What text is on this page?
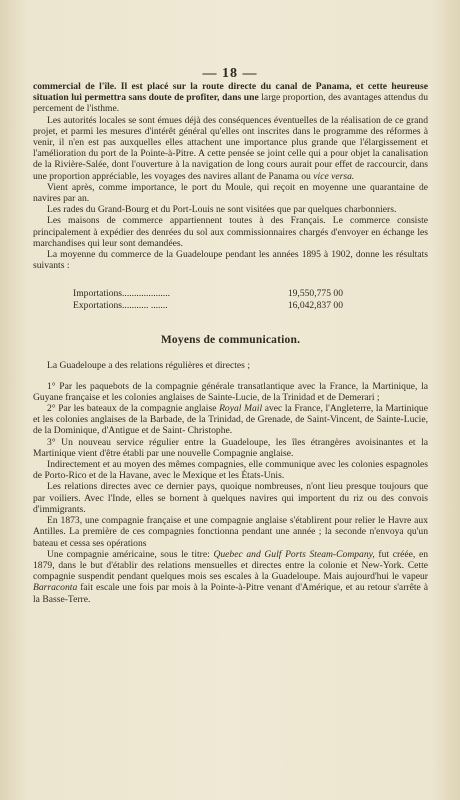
— 18 —

commercial de l'île. Il est placé sur la route directe du canal de Panama, et cette heureuse situation lui permettra sans doute de profiter, dans une large proportion, des avantages attendus du percement de l'isthme.

Les autorités locales se sont émues déjà des conséquences éventuelles de la réalisation de ce grand projet, et parmi les mesures d'intérêt général qu'elles ont inscrites dans le programme des réformes à venir, il n'en est pas auxquelles elles attachent une importance plus grande que l'élargissement et l'amélioration du port de la Pointe-à-Pitre. A cette pensée se joint celle qui a pour objet la canalisation de la Rivière-Salée, dont l'ouverture à la navigation de long cours aurait pour effet de raccourcir, dans une proportion appréciable, les voyages des navires allant de Panama ou vice versa.

Vient après, comme importance, le port du Moule, qui reçoit en moyenne une quarantaine de navires par an.

Les rades du Grand-Bourg et du Port-Louis ne sont visitées que par quelques charbonniers.

Les maisons de commerce appartiennent toutes à des Français. Le commerce consiste principalement à expédier des denrées du sol aux commissionnaires chargés d'envoyer en échange les marchandises qui leur sont demandées.

La moyenne du commerce de la Guadeloupe pendant les années 1895 à 1902, donne les résultats suivants :

Importations ....................	19,550,775 00
Exportations ........... .......	16,042,837 00
Moyens de communication.

La Guadeloupe a des relations régulières et directes ;

1° Par les paquebots de la compagnie générale transatlantique avec la France, la Martinique, la Guyane française et les colonies anglaises de Sainte-Lucie, de la Trinidad et de Demerari ;

2° Par les bateaux de la compagnie anglaise Royal Mail avec la France, l'Angleterre, la Martinique et les colonies anglaises de la Barbade, de la Trinidad, de Grenade, de Saint-Vincent, de Sainte-Lucie, de la Dominique, d'Antigue et de Saint- Christophe.

3° Un nouveau service régulier entre la Guadeloupe, les îles étrangères avoisinantes et la Martinique vient d'être établi par une nouvelle Compagnie anglaise.

Indirectement et au moyen des mêmes compagnies, elle communique avec les colonies espagnoles de Porto-Rico et de la Havane, avec le Mexique et les États-Unis.

Les relations directes avec ce dernier pays, quoique nombreuses, n'ont lieu presque toujours que par voiliers. Avec l'Inde, elles se bornent à quelques navires qui importent du riz ou des convois d'immigrants.

En 1873, une compagnie française et une compagnie anglaise s'établirent pour relier le Havre aux Antilles. La première de ces compagnies fonctionna pendant une année ; la seconde n'envoya qu'un bateau et cessa ses opérations

Une compagnie américaine, sous le titre: Quebec and Gulf Ports Steam-Company, fut créée, en 1879, dans le but d'établir des relations mensuelles et directes entre la colonie et New-York. Cette compagnie suspendit pendant quelques mois ses escales à la Guadeloupe. Mais aujourd'hui le vapeur Barraconta fait escale une fois par mois à la Pointe-à-Pitre venant d'Amérique, et au retour s'arrête à la Basse-Terre.
